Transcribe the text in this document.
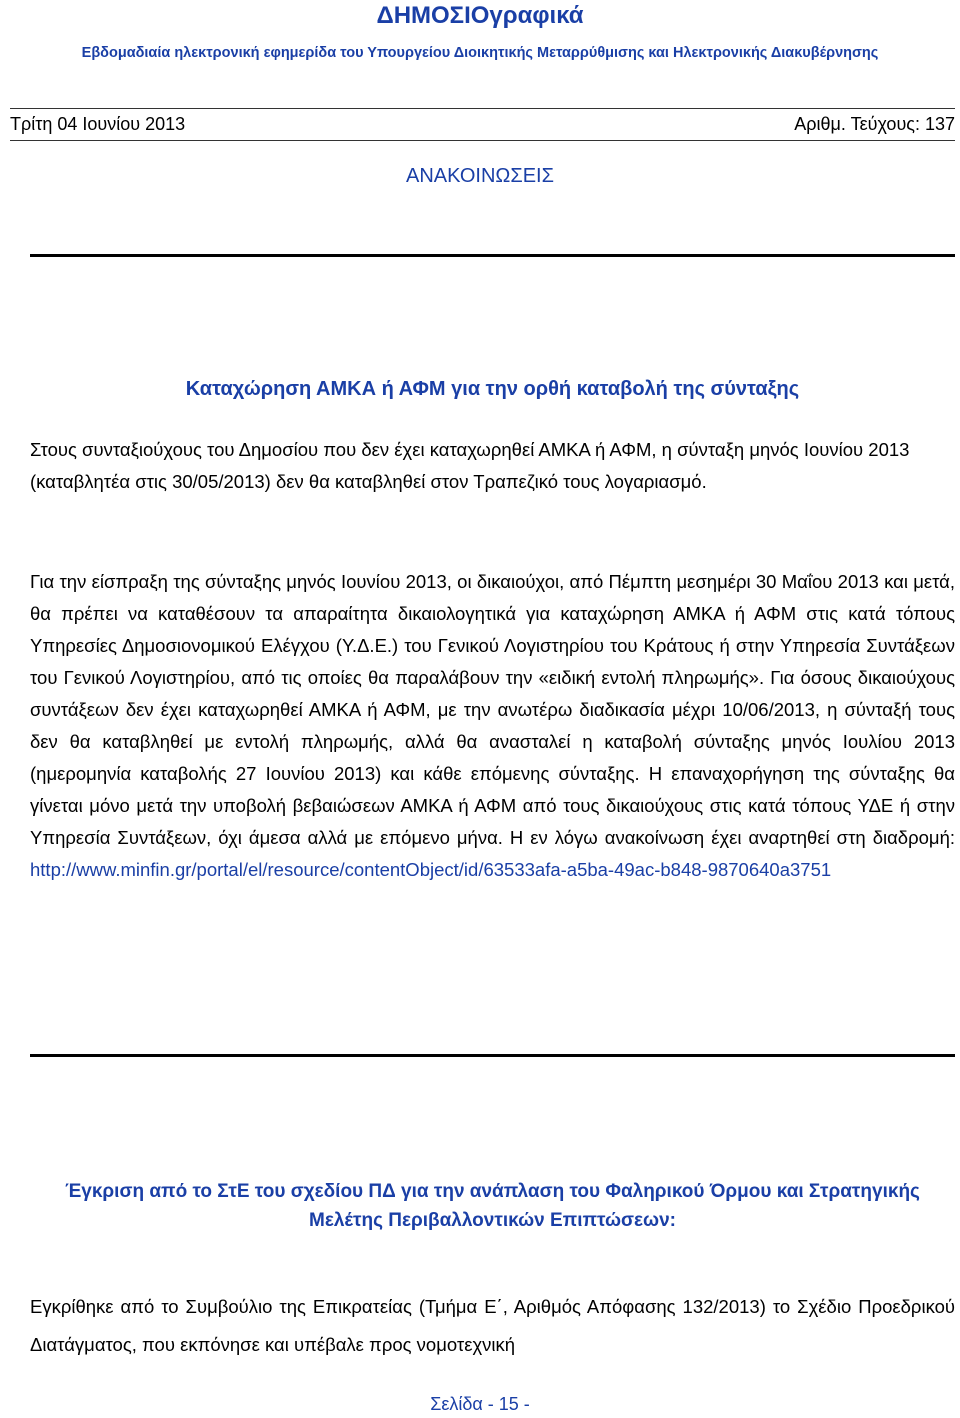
ΔΗΜΟΣΙΟγραφικά
Εβδομαδιαία ηλεκτρονική εφημερίδα του Υπουργείου Διοικητικής Μεταρρύθμισης και Ηλεκτρονικής Διακυβέρνησης
Τρίτη 04 Ιουνίου 2013	Αριθμ. Τεύχους: 137
ΑΝΑΚΟΙΝΩΣΕΙΣ
Καταχώρηση ΑΜΚΑ ή ΑΦΜ για την ορθή καταβολή της σύνταξης

Στους συνταξιούχους του Δημοσίου που δεν έχει καταχωρηθεί ΑΜΚΑ ή ΑΦΜ, η σύνταξη μηνός Ιουνίου 2013 (καταβλητέα στις 30/05/2013) δεν θα καταβληθεί στον Τραπεζικό τους λογαριασμό.

Για την είσπραξη της σύνταξης μηνός Ιουνίου 2013, οι δικαιούχοι, από Πέμπτη μεσημέρι 30 Μαΐου 2013 και μετά, θα πρέπει να καταθέσουν τα απαραίτητα δικαιολογητικά για καταχώρηση ΑΜΚΑ ή ΑΦΜ στις κατά τόπους Υπηρεσίες Δημοσιονομικού Ελέγχου (Υ.Δ.Ε.) του Γενικού Λογιστηρίου του Κράτους ή στην Υπηρεσία Συντάξεων του Γενικού Λογιστηρίου, από τις οποίες θα παραλάβουν την «ειδική εντολή πληρωμής». Για όσους δικαιούχους συντάξεων δεν έχει καταχωρηθεί ΑΜΚΑ ή ΑΦΜ, με την ανωτέρω διαδικασία μέχρι 10/06/2013, η σύνταξή τους δεν θα καταβληθεί με εντολή πληρωμής, αλλά θα ανασταλεί η καταβολή σύνταξης μηνός Ιουλίου 2013 (ημερομηνία καταβολής 27 Ιουνίου 2013) και κάθε επόμενης σύνταξης. Η επαναχορήγηση της σύνταξης θα γίνεται μόνο μετά την υποβολή βεβαιώσεων ΑΜΚΑ ή ΑΦΜ από τους δικαιούχους στις κατά τόπους ΥΔΕ ή στην Υπηρεσία Συντάξεων, όχι άμεσα αλλά με επόμενο μήνα. Η εν λόγω ανακοίνωση έχει αναρτηθεί στη διαδρομή: http://www.minfin.gr/portal/el/resource/contentObject/id/63533afa-a5ba-49ac-b848-9870640a3751

Έγκριση από το ΣτΕ του σχεδίου ΠΔ για την ανάπλαση του Φαληρικού Όρμου και Στρατηγικής Μελέτης Περιβαλλοντικών Επιπτώσεων:

Εγκρίθηκε από το Συμβούλιο της Επικρατείας (Τμήμα Ε΄, Αριθμός Απόφασης 132/2013) το Σχέδιο Προεδρικού Διατάγματος, που εκπόνησε και υπέβαλε προς νομοτεχνική

Σελίδα - 15 -
